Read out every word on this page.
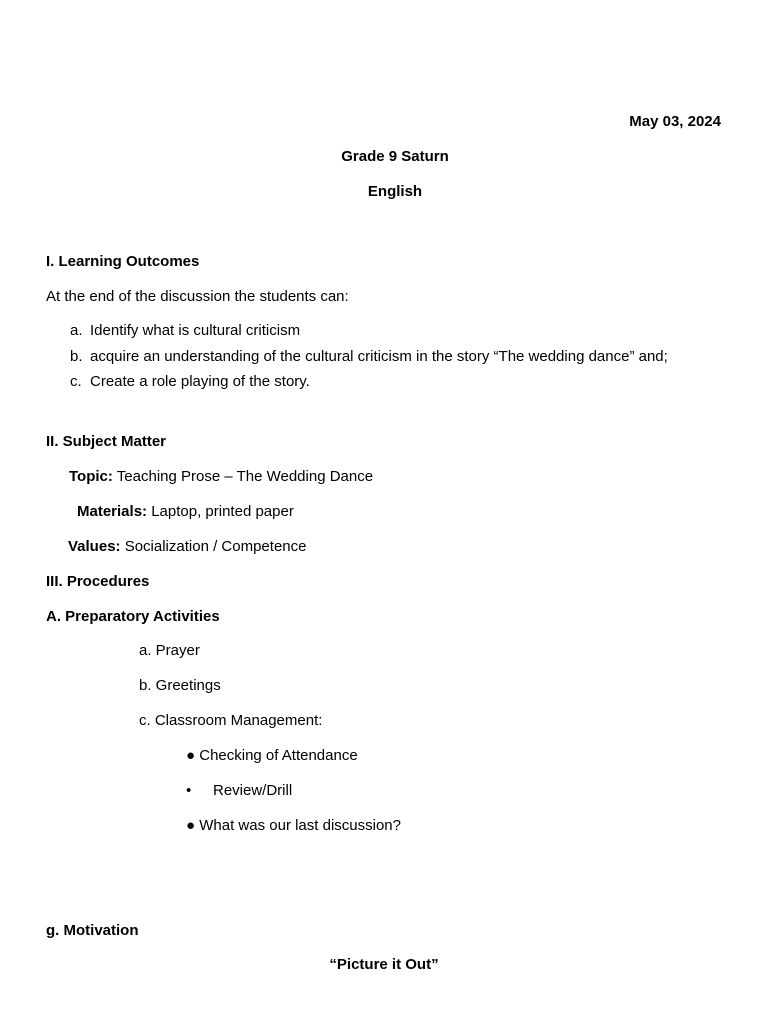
May 03, 2024
Grade 9 Saturn
English
I. Learning Outcomes
At the end of the discussion the students can:
a. Identify what is cultural criticism
b. acquire an understanding of the cultural criticism in the story “The wedding dance” and;
c. Create a role playing of the story.
II. Subject Matter
Topic: Teaching Prose – The Wedding Dance
Materials: Laptop, printed paper
Values: Socialization / Competence
III. Procedures
A. Preparatory Activities
a. Prayer
b. Greetings
c. Classroom Management:
● Checking of Attendance
• Review/Drill
● What was our last discussion?
g. Motivation
“Picture it Out”
